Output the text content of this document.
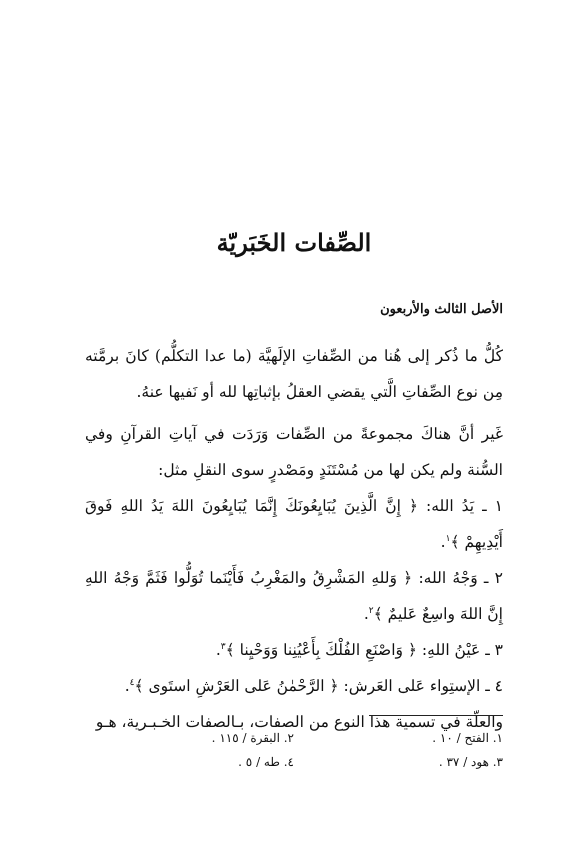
الصِّفات الخَبَريّة
الأصل الثالث والأربعون

كُلُّ ما ذُكر إلى هُنا من الصِّفاتِ الإلَهيَّة (ما عدا التكلُّم) كانَ برمَّته مِن نوع الصِّفاتِ الَّتي يقضي العقلُ بإثباتِها لله أو نَفيها عنهُ.

غَير أنَّ هناكَ مجموعةً من الصِّفات وَرَدَت في آياتِ القرآنِ وفي السُّنة ولم يكن لها من مُسْتَنَدٍ ومَصْدرٍ سوى النقلِ مثل:

١ ـ يَدُ الله: ﴿ إِنَّ الَّذِينَ يُبَايِعُونَكَ إِنَّمَا يُبَايِعُونَ اللهَ يَدُ اللهِ فَوقَ أَيْدِيهِمْ ﴾$^١$.

٢ ـ وَجْهُ الله: ﴿ وَللهِ المَشْرِقُ والمَغْرِبُ فَأَيْنَما تُوَلُّوا فَثَمَّ وَجْهُ اللهِ إِنَّ اللهَ واسِعٌ عَليمٌ ﴾$^٢$.

٣ ـ عَيْنُ اللهِ: ﴿ وَاصْنَعِ الفُلْكَ بِأَعْيُنِنا وَوَحْيِنا ﴾$^٣$.

٤ ـ الإستِواء عَلى العَرش: ﴿ الرَّحْمٰنُ عَلى العَرْشِ استَوى ﴾$^٤$.

والعلّة في تسمية هذا النوع من الصفات، بـالصفات الخـبـرية، هـو

١. الفتح / ١٠ .
٢. البقرة / ١١٥ .
٣. هود / ٣٧ .
٤. طه / ٥ .
